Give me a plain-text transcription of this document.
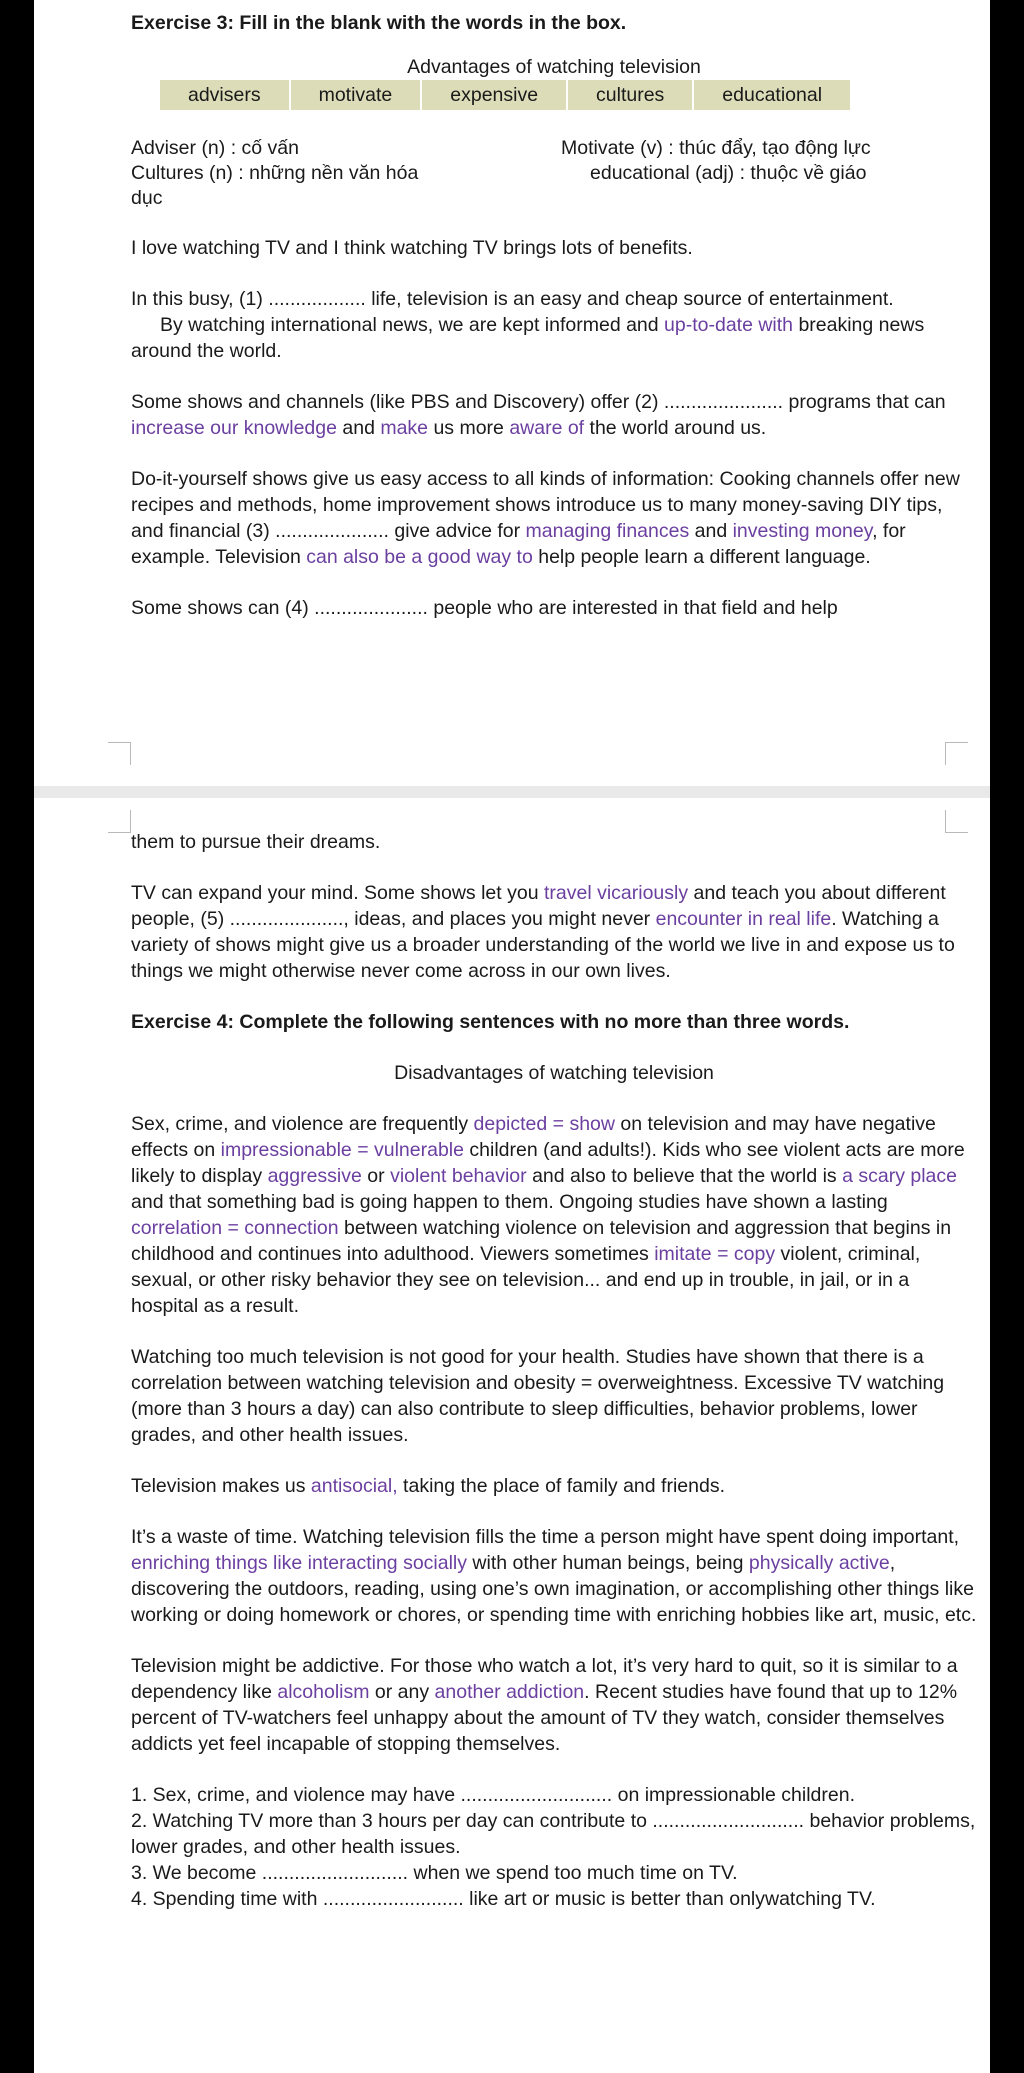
Exercise 3: Fill in the blank with the words in the box.
Advantages of watching television
advisers	motivate	expensive	cultures	educational
Adviser (n) : cố vấn	Motivate (v) : thúc đẩy, tạo động lực
Cultures (n) : những nền văn hóa	educational (adj) : thuộc về giáo
dục

I love watching TV and I think watching TV brings lots of benefits.

In this busy, (1) .................. life, television is an easy and cheap source of entertainment.
By watching international news, we are kept informed and up-to-date with breaking news around the world.

Some shows and channels (like PBS and Discovery) offer (2) ...................... programs that can increase our knowledge and make us more aware of the world around us.

Do-it-yourself shows give us easy access to all kinds of information: Cooking channels offer new recipes and methods, home improvement shows introduce us to many money-saving DIY tips, and financial (3) ..................... give advice for managing finances and investing money, for example. Television can also be a good way to help people learn a different language.

Some shows can (4) ..................... people who are interested in that field and help

them to pursue their dreams.

TV can expand your mind. Some shows let you travel vicariously and teach you about different people, (5) ....................., ideas, and places you might never encounter in real life. Watching a variety of shows might give us a broader understanding of the world we live in and expose us to things we might otherwise never come across in our own lives.

Exercise 4: Complete the following sentences with no more than three words.

Disadvantages of watching television

Sex, crime, and violence are frequently depicted = show on television and may have negative effects on impressionable = vulnerable children (and adults!). Kids who see violent acts are more likely to display aggressive or violent behavior and also to believe that the world is a scary place and that something bad is going happen to them. Ongoing studies have shown a lasting correlation = connection between watching violence on television and aggression that begins in childhood and continues into adulthood. Viewers sometimes imitate = copy violent, criminal, sexual, or other risky behavior they see on television... and end up in trouble, in jail, or in a hospital as a result.

Watching too much television is not good for your health. Studies have shown that there is a correlation between watching television and obesity = overweightness. Excessive TV watching (more than 3 hours a day) can also contribute to sleep difficulties, behavior problems, lower grades, and other health issues.

Television makes us antisocial, taking the place of family and friends.

It’s a waste of time. Watching television fills the time a person might have spent doing important, enriching things like interacting socially with other human beings, being physically active, discovering the outdoors, reading, using one’s own imagination, or accomplishing other things like working or doing homework or chores, or spending time with enriching hobbies like art, music, etc.

Television might be addictive. For those who watch a lot, it’s very hard to quit, so it is similar to a dependency like alcoholism or any another addiction. Recent studies have found that up to 12% percent of TV-watchers feel unhappy about the amount of TV they watch, consider themselves addicts yet feel incapable of stopping themselves.

1. Sex, crime, and violence may have ............................ on impressionable children.
2. Watching TV more than 3 hours per day can contribute to ............................ behavior problems, lower grades, and other health issues.
3. We become ........................... when we spend too much time on TV.
4. Spending time with .......................... like art or music is better than onlywatching TV.
